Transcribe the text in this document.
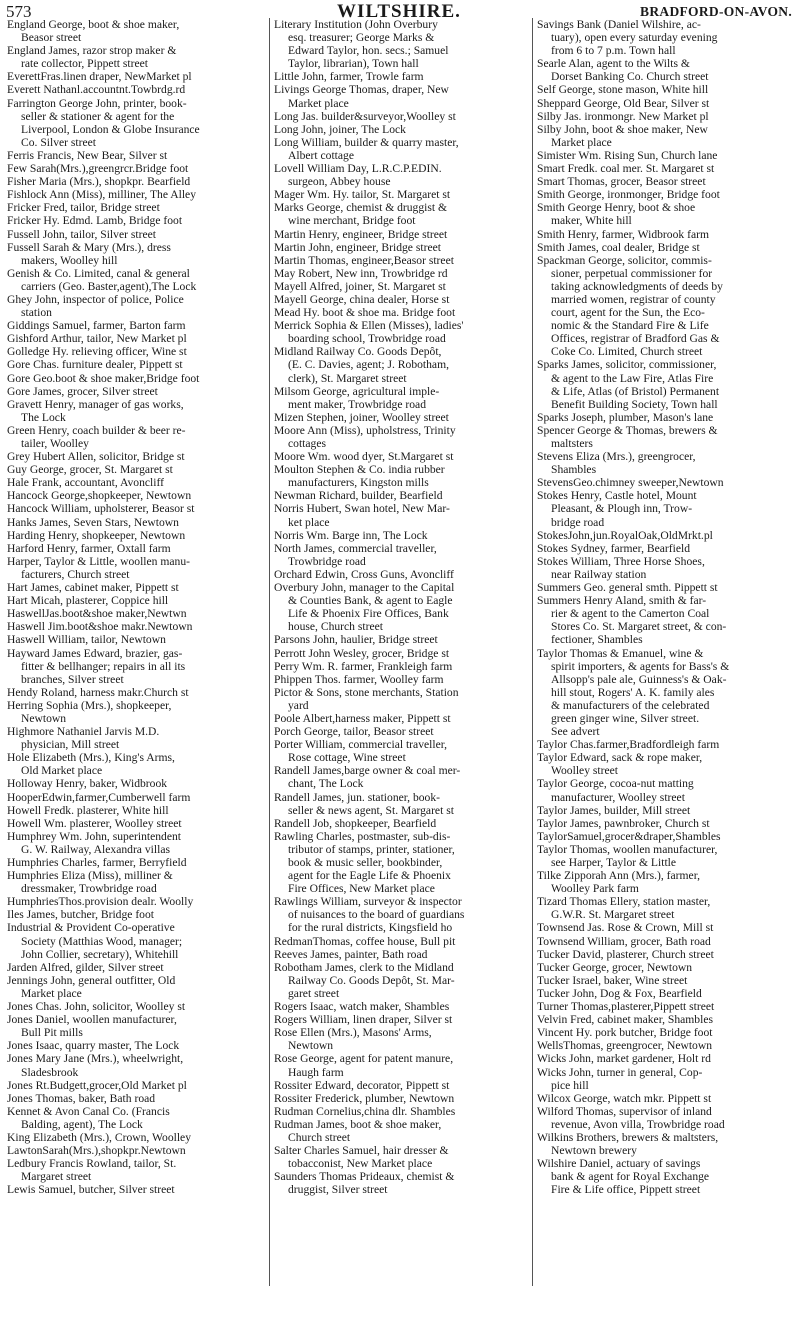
573	WILTSHIRE.	BRADFORD-ON-AVON.
England George, boot & shoe maker,
Beasor street
England James, razor strop maker &
rate collector, Pippett street
EverettFras.linen draper, NewMarket pl
Everett Nathanl.accountnt.Towbrdg.rd
Farrington George John, printer, book-
seller & stationer & agent for the
Liverpool, London & Globe Insurance
Co. Silver street
Ferris Francis, New Bear, Silver st
Few Sarah(Mrs.),greengrcr.Bridge foot
Fisher Maria (Mrs.), shopkpr. Bearfield
Fishlock Ann (Miss), milliner, The Alley
Fricker Fred, tailor, Bridge street
Fricker Hy. Edmd. Lamb, Bridge foot
Fussell John, tailor, Silver street
Fussell Sarah & Mary (Mrs.), dress
makers, Woolley hill
Genish & Co. Limited, canal & general
carriers (Geo. Baster,agent),The Lock
Ghey John, inspector of police, Police
station
Giddings Samuel, farmer, Barton farm
Gishford Arthur, tailor, New Market pl
Golledge Hy. relieving officer, Wine st
Gore Chas. furniture dealer, Pippett st
Gore Geo.boot & shoe maker,Bridge foot
Gore James, grocer, Silver street
Gravett Henry, manager of gas works,
The Lock
Green Henry, coach builder & beer re-
tailer, Woolley
Grey Hubert Allen, solicitor, Bridge st
Guy George, grocer, St. Margaret st
Hale Frank, accountant, Avoncliff
Hancock George,shopkeeper, Newtown
Hancock William, upholsterer, Beasor st
Hanks James, Seven Stars, Newtown
Harding Henry, shopkeeper, Newtown
Harford Henry, farmer, Oxtall farm
Harper, Taylor & Little, woollen manu-
facturers, Church street
Hart James, cabinet maker, Pippett st
Hart Micah, plasterer, Coppice hill
HaswellJas.boot&shoe maker,Newtwn
Haswell Jim.boot&shoe makr.Newtown
Haswell William, tailor, Newtown
Hayward James Edward, brazier, gas-
fitter & bellhanger; repairs in all its
branches, Silver street
Hendy Roland, harness makr.Church st
Herring Sophia (Mrs.), shopkeeper,
Newtown
Highmore Nathaniel Jarvis M.D.
physician, Mill street
Hole Elizabeth (Mrs.), King's Arms,
Old Market place
Holloway Henry, baker, Widbrook
HooperEdwin,farmer,Cumberwell farm
Howell Fredk. plasterer, White hill
Howell Wm. plasterer, Woolley street
Humphrey Wm. John, superintendent
G. W. Railway, Alexandra villas
Humphries Charles, farmer, Berryfield
Humphries Eliza (Miss), milliner &
dressmaker, Trowbridge road
HumphriesThos.provision dealr. Woolly
Iles James, butcher, Bridge foot
Industrial & Provident Co-operative
Society (Matthias Wood, manager;
John Collier, secretary), Whitehill
Jarden Alfred, gilder, Silver street
Jennings John, general outfitter, Old
Market place
Jones Chas. John, solicitor, Woolley st
Jones Daniel, woollen manufacturer,
Bull Pit mills
Jones Isaac, quarry master, The Lock
Jones Mary Jane (Mrs.), wheelwright,
Sladesbrook
Jones Rt.Budgett,grocer,Old Market pl
Jones Thomas, baker, Bath road
Kennet & Avon Canal Co. (Francis
Balding, agent), The Lock
King Elizabeth (Mrs.), Crown, Woolley
LawtonSarah(Mrs.),shopkpr.Newtown
Ledbury Francis Rowland, tailor, St.
Margaret street
Lewis Samuel, butcher, Silver street
Literary Institution (John Overbury
esq. treasurer; George Marks &
Edward Taylor, hon. secs.; Samuel
Taylor, librarian), Town hall
Little John, farmer, Trowle farm
Livings George Thomas, draper, New
Market place
Long Jas. builder&surveyor,Woolley st
Long John, joiner, The Lock
Long William, builder & quarry master,
Albert cottage
Lovell William Day, L.R.C.P.EDIN.
surgeon, Abbey house
Mager Wm. Hy. tailor, St. Margaret st
Marks George, chemist & druggist &
wine merchant, Bridge foot
Martin Henry, engineer, Bridge street
Martin John, engineer, Bridge street
Martin Thomas, engineer,Beasor street
May Robert, New inn, Trowbridge rd
Mayell Alfred, joiner, St. Margaret st
Mayell George, china dealer, Horse st
Mead Hy. boot & shoe ma. Bridge foot
Merrick Sophia & Ellen (Misses), ladies'
boarding school, Trowbridge road
Midland Railway Co. Goods Depôt,
(E. C. Davies, agent; J. Robotham,
clerk), St. Margaret street
Milsom George, agricultural imple-
ment maker, Trowbridge road
Mizen Stephen, joiner, Woolley street
Moore Ann (Miss), upholstress, Trinity
cottages
Moore Wm. wood dyer, St.Margaret st
Moulton Stephen & Co. india rubber
manufacturers, Kingston mills
Newman Richard, builder, Bearfield
Norris Hubert, Swan hotel, New Mar-
ket place
Norris Wm. Barge inn, The Lock
North James, commercial traveller,
Trowbridge road
Orchard Edwin, Cross Guns, Avoncliff
Overbury John, manager to the Capital
& Counties Bank, & agent to Eagle
Life & Phoenix Fire Offices, Bank
house, Church street
Parsons John, haulier, Bridge street
Perrott John Wesley, grocer, Bridge st
Perry Wm. R. farmer, Frankleigh farm
Phippen Thos. farmer, Woolley farm
Pictor & Sons, stone merchants, Station
yard
Poole Albert,harness maker, Pippett st
Porch George, tailor, Beasor street
Porter William, commercial traveller,
Rose cottage, Wine street
Randell James,barge owner & coal mer-
chant, The Lock
Randell James, jun. stationer, book-
seller & news agent, St. Margaret st
Randell Job, shopkeeper, Bearfield
Rawling Charles, postmaster, sub-dis-
tributor of stamps, printer, stationer,
book & music seller, bookbinder,
agent for the Eagle Life & Phoenix
Fire Offices, New Market place
Rawlings William, surveyor & inspector
of nuisances to the board of guardians
for the rural districts, Kingsfield ho
RedmanThomas, coffee house, Bull pit
Reeves James, painter, Bath road
Robotham James, clerk to the Midland
Railway Co. Goods Depôt, St. Mar-
garet street
Rogers Isaac, watch maker, Shambles
Rogers William, linen draper, Silver st
Rose Ellen (Mrs.), Masons' Arms,
Newtown
Rose George, agent for patent manure,
Haugh farm
Rossiter Edward, decorator, Pippett st
Rossiter Frederick, plumber, Newtown
Rudman Cornelius,china dlr. Shambles
Rudman James, boot & shoe maker,
Church street
Salter Charles Samuel, hair dresser &
tobacconist, New Market place
Saunders Thomas Prideaux, chemist &
druggist, Silver street
Savings Bank (Daniel Wilshire, ac-
tuary), open every saturday evening
from 6 to 7 p.m. Town hall
Searle Alan, agent to the Wilts &
Dorset Banking Co. Church street
Self George, stone mason, White hill
Sheppard George, Old Bear, Silver st
Silby Jas. ironmongr. New Market pl
Silby John, boot & shoe maker, New
Market place
Simister Wm. Rising Sun, Church lane
Smart Fredk. coal mer. St. Margaret st
Smart Thomas, grocer, Beasor street
Smith George, ironmonger, Bridge foot
Smith George Henry, boot & shoe
maker, White hill
Smith Henry, farmer, Widbrook farm
Smith James, coal dealer, Bridge st
Spackman George, solicitor, commis-
sioner, perpetual commissioner for
taking acknowledgments of deeds by
married women, registrar of county
court, agent for the Sun, the Eco-
nomic & the Standard Fire & Life
Offices, registrar of Bradford Gas &
Coke Co. Limited, Church street
Sparks James, solicitor, commissioner,
& agent to the Law Fire, Atlas Fire
& Life, Atlas (of Bristol) Permanent
Benefit Building Society, Town hall
Sparks Joseph, plumber, Mason's lane
Spencer George & Thomas, brewers &
maltsters
Stevens Eliza (Mrs.), greengrocer,
Shambles
StevensGeo.chimney sweeper,Newtown
Stokes Henry, Castle hotel, Mount
Pleasant, & Plough inn, Trow-
bridge road
StokesJohn,jun.RoyalOak,OldMrkt.pl
Stokes Sydney, farmer, Bearfield
Stokes William, Three Horse Shoes,
near Railway station
Summers Geo. general smth. Pippett st
Summers Henry Aland, smith & far-
rier & agent to the Camerton Coal
Stores Co. St. Margaret street, & con-
fectioner, Shambles
Taylor Thomas & Emanuel, wine &
spirit importers, & agents for Bass's &
Allsopp's pale ale, Guinness's & Oak-
hill stout, Rogers' A. K. family ales
& manufacturers of the celebrated
green ginger wine, Silver street.
See advert
Taylor Chas.farmer,Bradfordleigh farm
Taylor Edward, sack & rope maker,
Woolley street
Taylor George, cocoa-nut matting
manufacturer, Woolley street
Taylor James, builder, Mill street
Taylor James, pawnbroker, Church st
TaylorSamuel,grocer&draper,Shambles
Taylor Thomas, woollen manufacturer,
see Harper, Taylor & Little
Tilke Zipporah Ann (Mrs.), farmer,
Woolley Park farm
Tizard Thomas Ellery, station master,
G.W.R. St. Margaret street
Townsend Jas. Rose & Crown, Mill st
Townsend William, grocer, Bath road
Tucker David, plasterer, Church street
Tucker George, grocer, Newtown
Tucker Israel, baker, Wine street
Tucker John, Dog & Fox, Bearfield
Turner Thomas,plasterer,Pippett street
Velvin Fred, cabinet maker, Shambles
Vincent Hy. pork butcher, Bridge foot
WellsThomas, greengrocer, Newtown
Wicks John, market gardener, Holt rd
Wicks John, turner in general, Cop-
pice hill
Wilcox George, watch mkr. Pippett st
Wilford Thomas, supervisor of inland
revenue, Avon villa, Trowbridge road
Wilkins Brothers, brewers & maltsters,
Newtown brewery
Wilshire Daniel, actuary of savings
bank & agent for Royal Exchange
Fire & Life office, Pippett street
